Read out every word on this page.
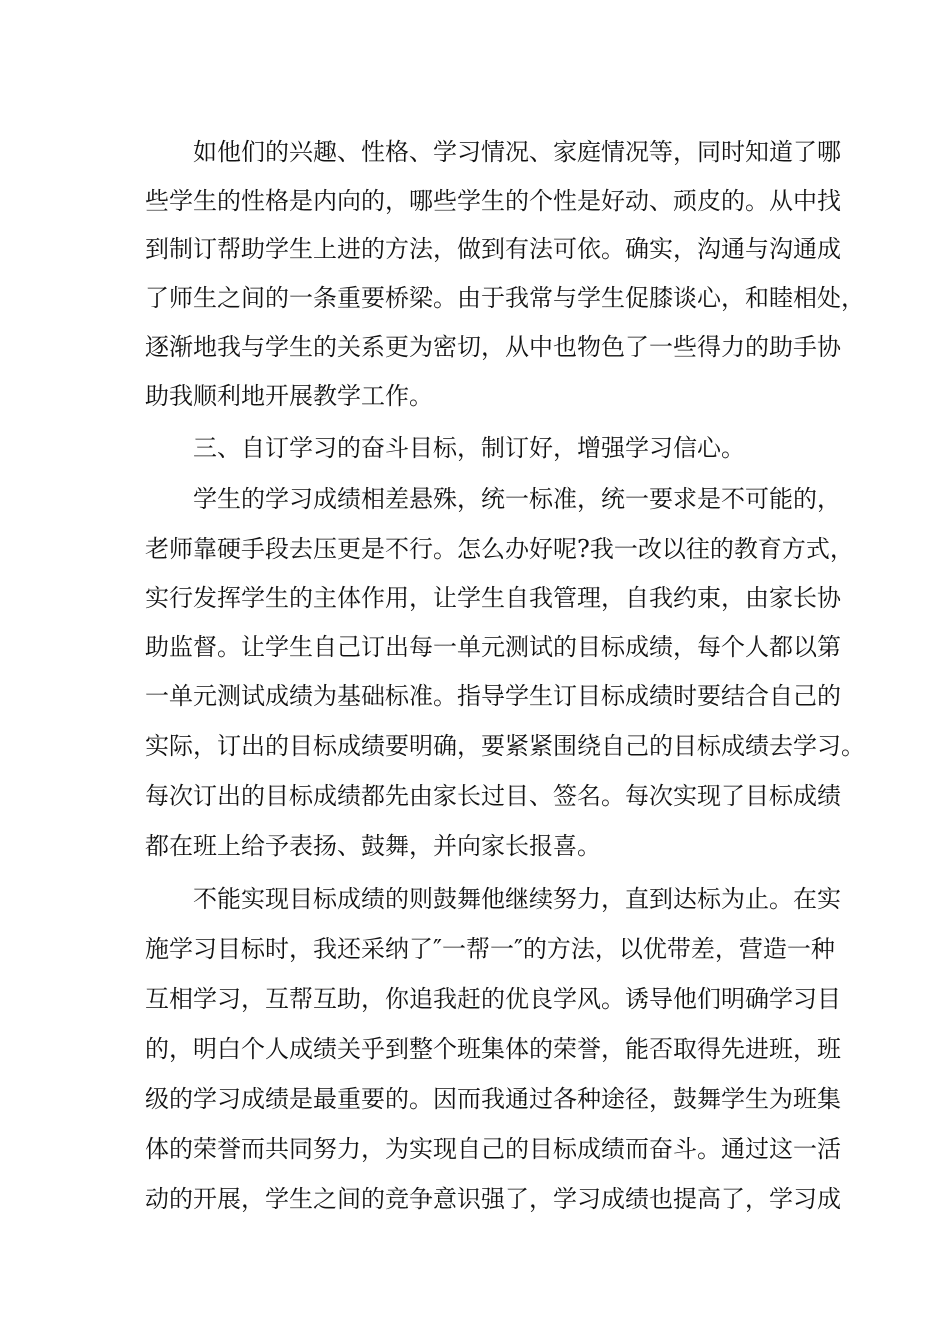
如他们的兴趣、性格、学习情况、家庭情况等，同时知道了哪
些学生的性格是内向的，哪些学生的个性是好动、顽皮的。从中找
到制订帮助学生上进的方法，做到有法可依。确实，沟通与沟通成
了师生之间的一条重要桥梁。由于我常与学生促膝谈心，和睦相处，
逐渐地我与学生的关系更为密切，从中也物色了一些得力的助手协
助我顺利地开展教学工作。
三、自订学习的奋斗目标，制订好，增强学习信心。
学生的学习成绩相差悬殊，统一标准，统一要求是不可能的，
老师靠硬手段去压更是不行。怎么办好呢?我一改以往的教育方式，
实行发挥学生的主体作用，让学生自我管理，自我约束，由家长协
助监督。让学生自己订出每一单元测试的目标成绩，每个人都以第
一单元测试成绩为基础标准。指导学生订目标成绩时要结合自己的
实际，订出的目标成绩要明确，要紧紧围绕自己的目标成绩去学习。
每次订出的目标成绩都先由家长过目、签名。每次实现了目标成绩
都在班上给予表扬、鼓舞，并向家长报喜。
不能实现目标成绩的则鼓舞他继续努力，直到达标为止。在实
施学习目标时，我还采纳了″一帮一″的方法，以优带差，营造一种
互相学习，互帮互助，你追我赶的优良学风。诱导他们明确学习目
的，明白个人成绩关乎到整个班集体的荣誉，能否取得先进班，班
级的学习成绩是最重要的。因而我通过各种途径，鼓舞学生为班集
体的荣誉而共同努力，为实现自己的目标成绩而奋斗。通过这一活
动的开展，学生之间的竞争意识强了，学习成绩也提高了，学习成
